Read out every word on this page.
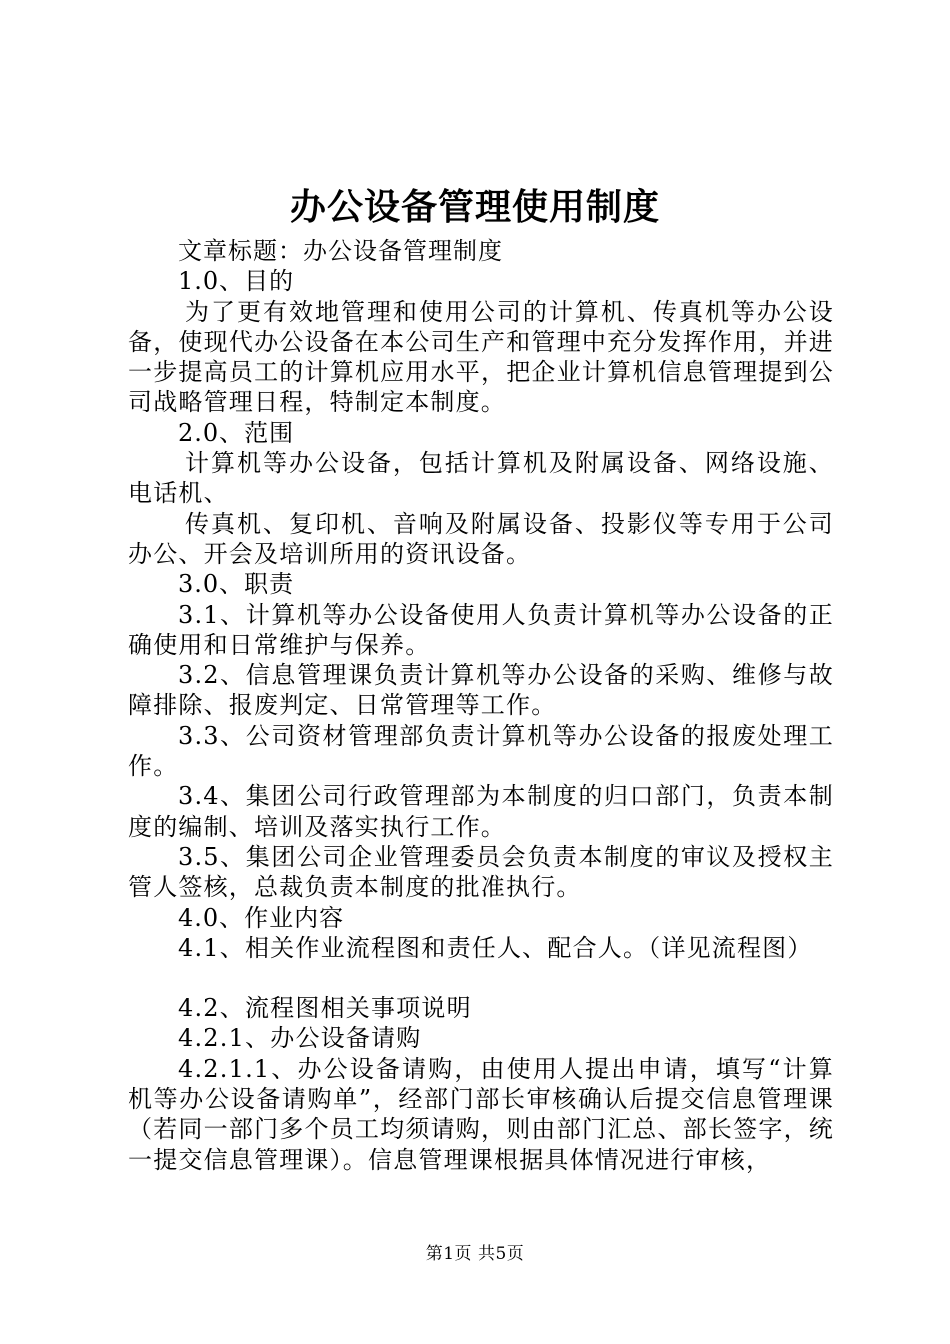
办公设备管理使用制度

文章标题：办公设备管理制度

1.0、目的

为了更有效地管理和使用公司的计算机、传真机等办公设备，使现代办公设备在本公司生产和管理中充分发挥作用，并进一步提高员工的计算机应用水平，把企业计算机信息管理提到公司战略管理日程，特制定本制度。

2.0、范围

计算机等办公设备，包括计算机及附属设备、网络设施、电话机、

传真机、复印机、音响及附属设备、投影仪等专用于公司办公、开会及培训所用的资讯设备。

3.0、职责

3.1、计算机等办公设备使用人负责计算机等办公设备的正确使用和日常维护与保养。

3.2、信息管理课负责计算机等办公设备的采购、维修与故障排除、报废判定、日常管理等工作。

3.3、公司资材管理部负责计算机等办公设备的报废处理工作。

3.4、集团公司行政管理部为本制度的归口部门，负责本制度的编制、培训及落实执行工作。

3.5、集团公司企业管理委员会负责本制度的审议及授权主管人签核，总裁负责本制度的批准执行。

4.0、作业内容

4.1、相关作业流程图和责任人、配合人。（详见流程图）

4.2、流程图相关事项说明

4.2.1、办公设备请购

4.2.1.1、办公设备请购，由使用人提出申请，填写“计算机等办公设备请购单”，经部门部长审核确认后提交信息管理课（若同一部门多个员工均须请购，则由部门汇总、部长签字，统一提交信息管理课）。信息管理课根据具体情况进行审核，

第1页 共5页
